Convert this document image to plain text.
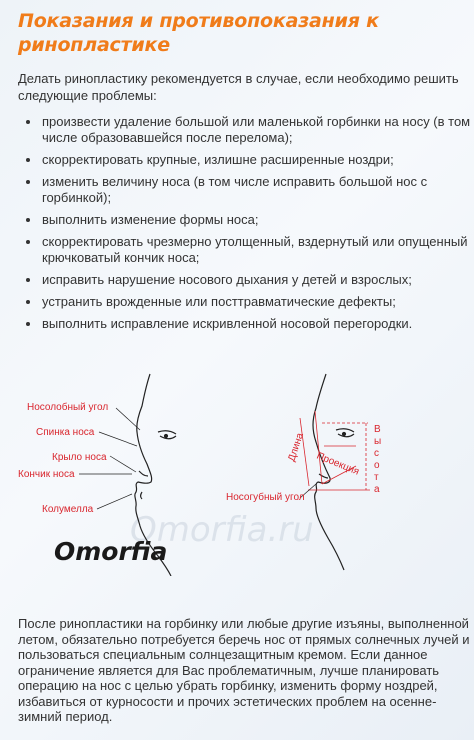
Показания и противопоказания к ринопластике

Делать ринопластику рекомендуется в случае, если необходимо решить следующие проблемы:

произвести удаление большой или маленькой горбинки на носу (в том числе образовавшейся после перелома);
скорректировать крупные, излишне расширенные ноздри;
изменить величину носа (в том числе исправить большой нос с горбинкой);
выполнить изменение формы носа;
скорректировать чрезмерно утолщенный, вздернутый или опущенный крючковатый кончик носа;
исправить нарушение носового дыхания у детей и взрослых;
устранить врожденные или посттравматические дефекты;
выполнить исправление искривленной носовой перегородки.
Omorfia.ru
Носолобный угол
Спинка носа
Крыло носа
Кончик носа
Колумелла
Omorfia
Длина
Проекция
Носогубный угол
В
ы
с
о
т
а

После ринопластики на горбинку или любые другие изъяны, выполненной летом, обязательно потребуется беречь нос от прямых солнечных лучей и пользоваться специальным солнцезащитным кремом. Если данное ограничение является для Вас проблематичным, лучше планировать операцию на нос с целью убрать горбинку, изменить форму ноздрей, избавиться от курносости и прочих эстетических проблем на осенне-зимний период.
